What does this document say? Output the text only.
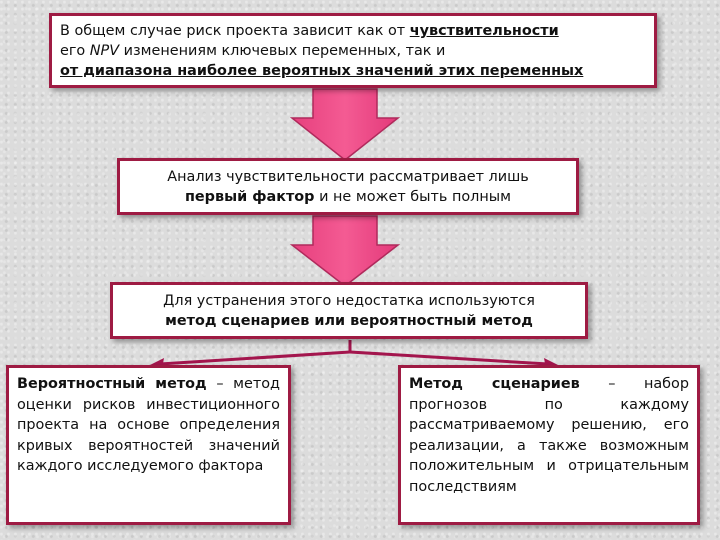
В общем случае риск проекта зависит как от чувствительности
его NPV изменениям ключевых переменных, так и
от диапазона наиболее вероятных значений этих переменных
Анализ чувствительности рассматривает лишь
первый фактор и не может быть полным
Для устранения этого недостатка используются
метод сценариев или вероятностный метод
Вероятностный метод – метод оценки рисков инвестиционного проекта на основе определения кривых вероятностей значений каждого исследуемого фактора
Метод сценариев – набор прогнозов по каждому рассматриваемому решению, его реализации, а также возможным положительным и отрицательным последствиям
